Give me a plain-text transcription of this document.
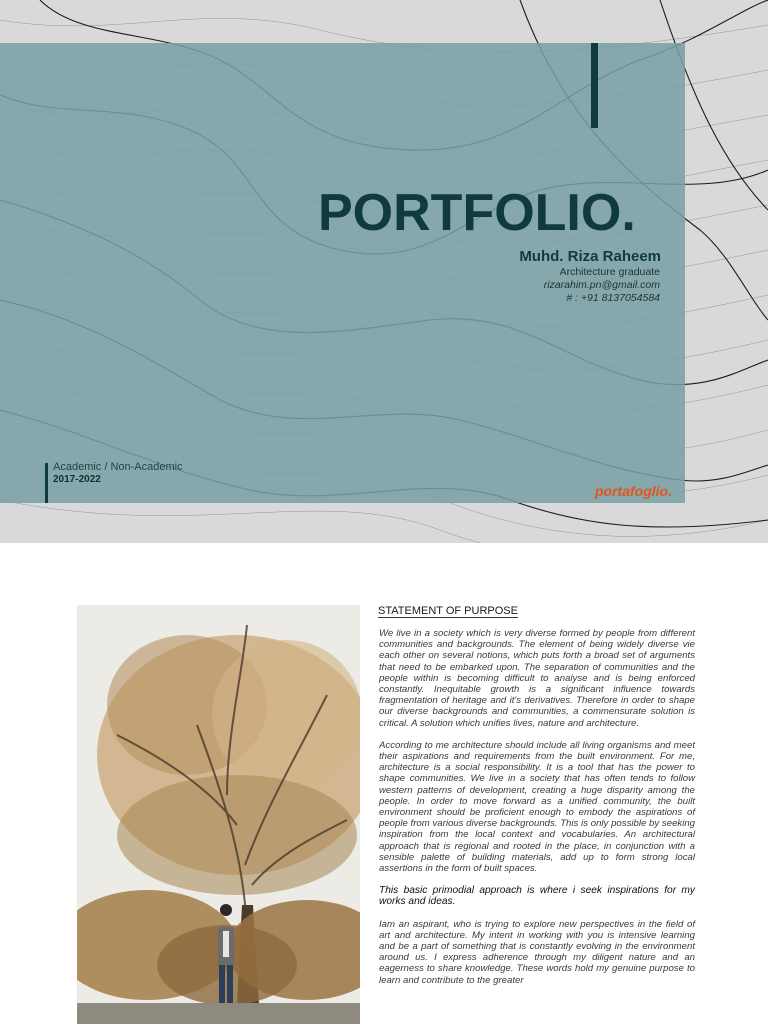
PORTFOLIO.
Muhd. Riza Raheem
Architecture graduate
rizarahim.pn@gmail.com
# : +91 8137054584
Academic / Non-Academic
2017-2022
portafoglio.
STATEMENT OF PURPOSE

We live in a society which is very diverse formed by people from different communities and backgrounds. The element of being widely diverse vie each other on several notions, which puts forth a broad set of arguments that need to be embarked upon. The separation of communities and the people within is becoming difficult to analyse and is being enforced constantly. Inequitable growth is a significant influence towards fragmentation of heritage and it's derivatives. Therefore in order to shape our diverse backgrounds and communities, a commensurate solution is critical. A solution which unifies lives, nature and architecture.

According to me architecture should include all living organisms and meet their aspirations and requirements from the built environment. For me, architecture is a social responsibility. It is a tool that has the power to shape communities. We live in a society that has often tends to follow western patterns of development, creating a huge disparity among the people. In order to move forward as a unified community, the built environment should be proficient enough to embody the aspirations of people from various diverse backgrounds. This is only possible by seeking inspiration from the local context and vocabularies. An architectural approach that is regional and rooted in the place, in conjunction with a sensible palette of building materials, add up to form strong local assertions in the form of built spaces.

This basic primodial approach is where i seek inspirations for my works and ideas.

Iam an aspirant, who is trying to explore new perspectives in the field of art and architecture. My intent in working with you is intensive learning and be a part of something that is constantly evolving in the environment around us. I express adherence through my diligent nature and an eagerness to share knowledge. These words hold my genuine purpose to learn and contribute to the greater
